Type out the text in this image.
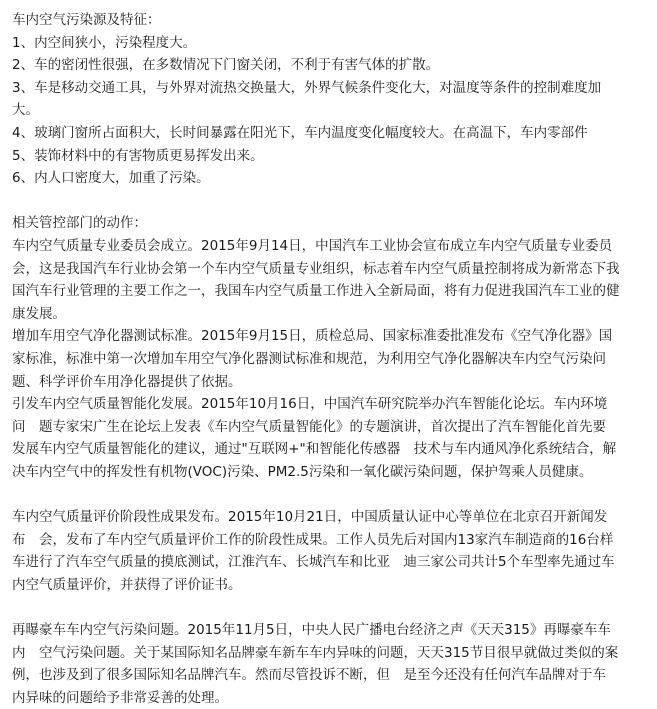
车内空气污染源及特征：
1、内空间狭小，污染程度大。
2、车的密闭性很强，在多数情况下门窗关闭，不利于有害气体的扩散。
3、车是移动交通工具，与外界对流热交换量大，外界气候条件变化大，对温度等条件的控制难度加
大。
4、玻璃门窗所占面积大，长时间暴露在阳光下，车内温度变化幅度较大。在高温下，车内零部件
5、装饰材料中的有害物质更易挥发出来。
6、内人口密度大，加重了污染。
相关管控部门的动作：
车内空气质量专业委员会成立。2015年9月14日，中国汽车工业协会宣布成立车内空气质量专业委员
会，这是我国汽车行业协会第一个车内空气质量专业组织，标志着车内空气质量控制将成为新常态下我
国汽车行业管理的主要工作之一，我国车内空气质量工作进入全新局面，将有力促进我国汽车工业的健
康发展。
增加车用空气净化器测试标准。2015年9月15日，质检总局、国家标准委批准发布《空气净化器》国
家标准，标准中第一次增加车用空气净化器测试标准和规范，为利用空气净化器解决车内空气污染问
题、科学评价车用净化器提供了依据。
引发车内空气质量智能化发展。2015年10月16日，中国汽车研究院举办汽车智能化论坛。车内环境
问　题专家宋广生在论坛上发表《车内空气质量智能化》的专题演讲，首次提出了汽车智能化首先要
发展车内空气质量智能化的建议，通过"互联网+"和智能化传感器　技术与车内通风净化系统结合，解
决车内空气中的挥发性有机物(VOC)污染、PM2.5污染和一氧化碳污染问题，保护驾乘人员健康。
车内空气质量评价阶段性成果发布。2015年10月21日，中国质量认证中心等单位在北京召开新闻发
布　会，发布了车内空气质量评价工作的阶段性成果。工作人员先后对国内13家汽车制造商的16台样
车进行了汽车空气质量的摸底测试，江淮汽车、长城汽车和比亚　迪三家公司共计5个车型率先通过车
内空气质量评价，并获得了评价证书。
再曝豪车车内空气污染问题。2015年11月5日，中央人民广播电台经济之声《天天315》再曝豪车车
内　空气污染问题。关于某国际知名品牌豪车新车车内异味的问题，天天315节目很早就做过类似的案
例，也涉及到了很多国际知名品牌汽车。然而尽管投诉不断，但　是至今还没有任何汽车品牌对于车
内异味的问题给予非常妥善的处理。
